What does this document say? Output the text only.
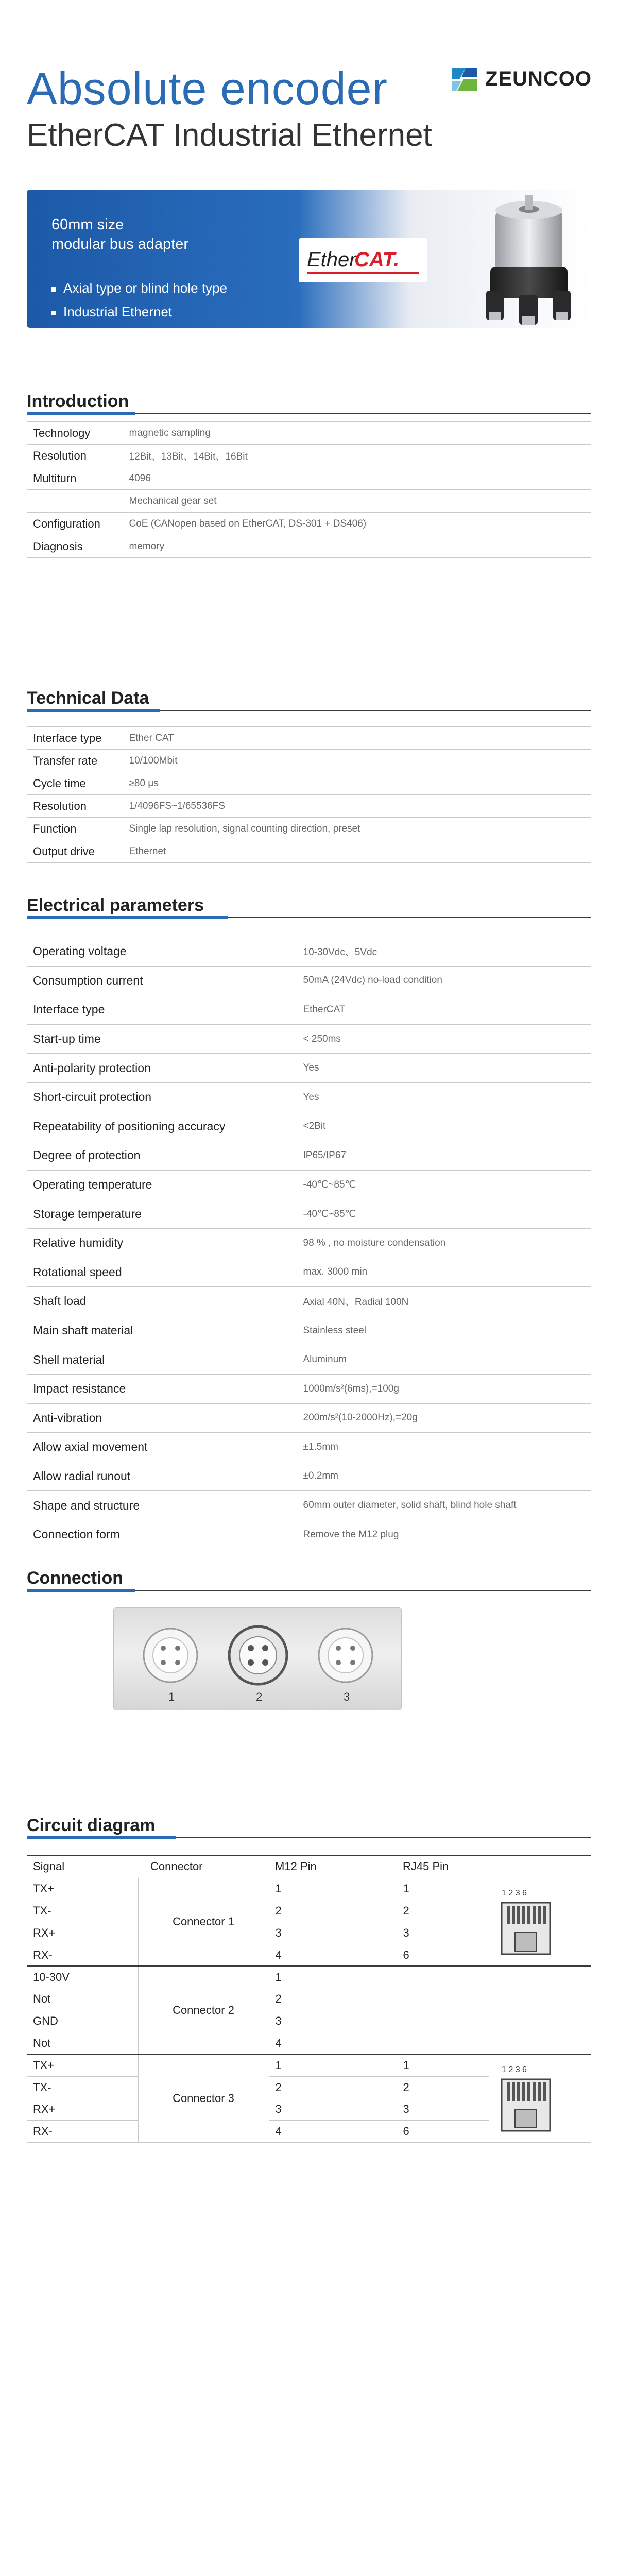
Absolute encoder
EtherCAT Industrial Ethernet
ZEUNCOO
60mm size
modular bus adapter
Axial type or blind hole type
Industrial Ethernet
Ether
CAT.
Introduction
Technology	magnetic sampling
Resolution	12Bit、13Bit、14Bit、16Bit
Multiturn	4096
	Mechanical gear set
Configuration	CoE (CANopen based on EtherCAT, DS-301 + DS406)
Diagnosis	memory
Technical Data
Interface type	Ether CAT
Transfer rate	10/100Mbit
Cycle time	≥80 μs
Resolution	1/4096FS~1/65536FS
Function	Single lap resolution, signal counting direction, preset
Output drive	Ethernet
Electrical parameters
Operating voltage	10-30Vdc、5Vdc
Consumption current	50mA (24Vdc) no-load condition
Interface type	EtherCAT
Start-up time	< 250ms
Anti-polarity protection	Yes
Short-circuit protection	Yes
Repeatability of positioning accuracy	<2Bit
Degree of protection	IP65/IP67
Operating temperature	-40℃~85℃
Storage temperature	-40℃~85℃
Relative humidity	98 % , no moisture condensation
Rotational speed	max. 3000 min
Shaft load	Axial 40N、Radial 100N
Main shaft material	Stainless steel
Shell material	Aluminum
Impact resistance	1000m/s²(6ms),=100g
Anti-vibration	200m/s²(10-2000Hz),=20g
Allow axial movement	±1.5mm
Allow radial runout	±0.2mm
Shape and structure	60mm outer diameter, solid shaft, blind hole shaft
Connection form	Remove the M12 plug
Connection
1	2	3
Circuit diagram
Signal	Connector	M12 Pin	RJ45 Pin	
TX+	Connector 1	1	1	1 2 3 6

TX-		2	2	
RX+		3	3	
RX-		4	6	
10-30V	Connector 2	1		
Not		2		
GND		3		
Not		4		
TX+	Connector 3	1	1	1 2 3 6

TX-		2	2	
RX+		3	3	
RX-		4	6	
